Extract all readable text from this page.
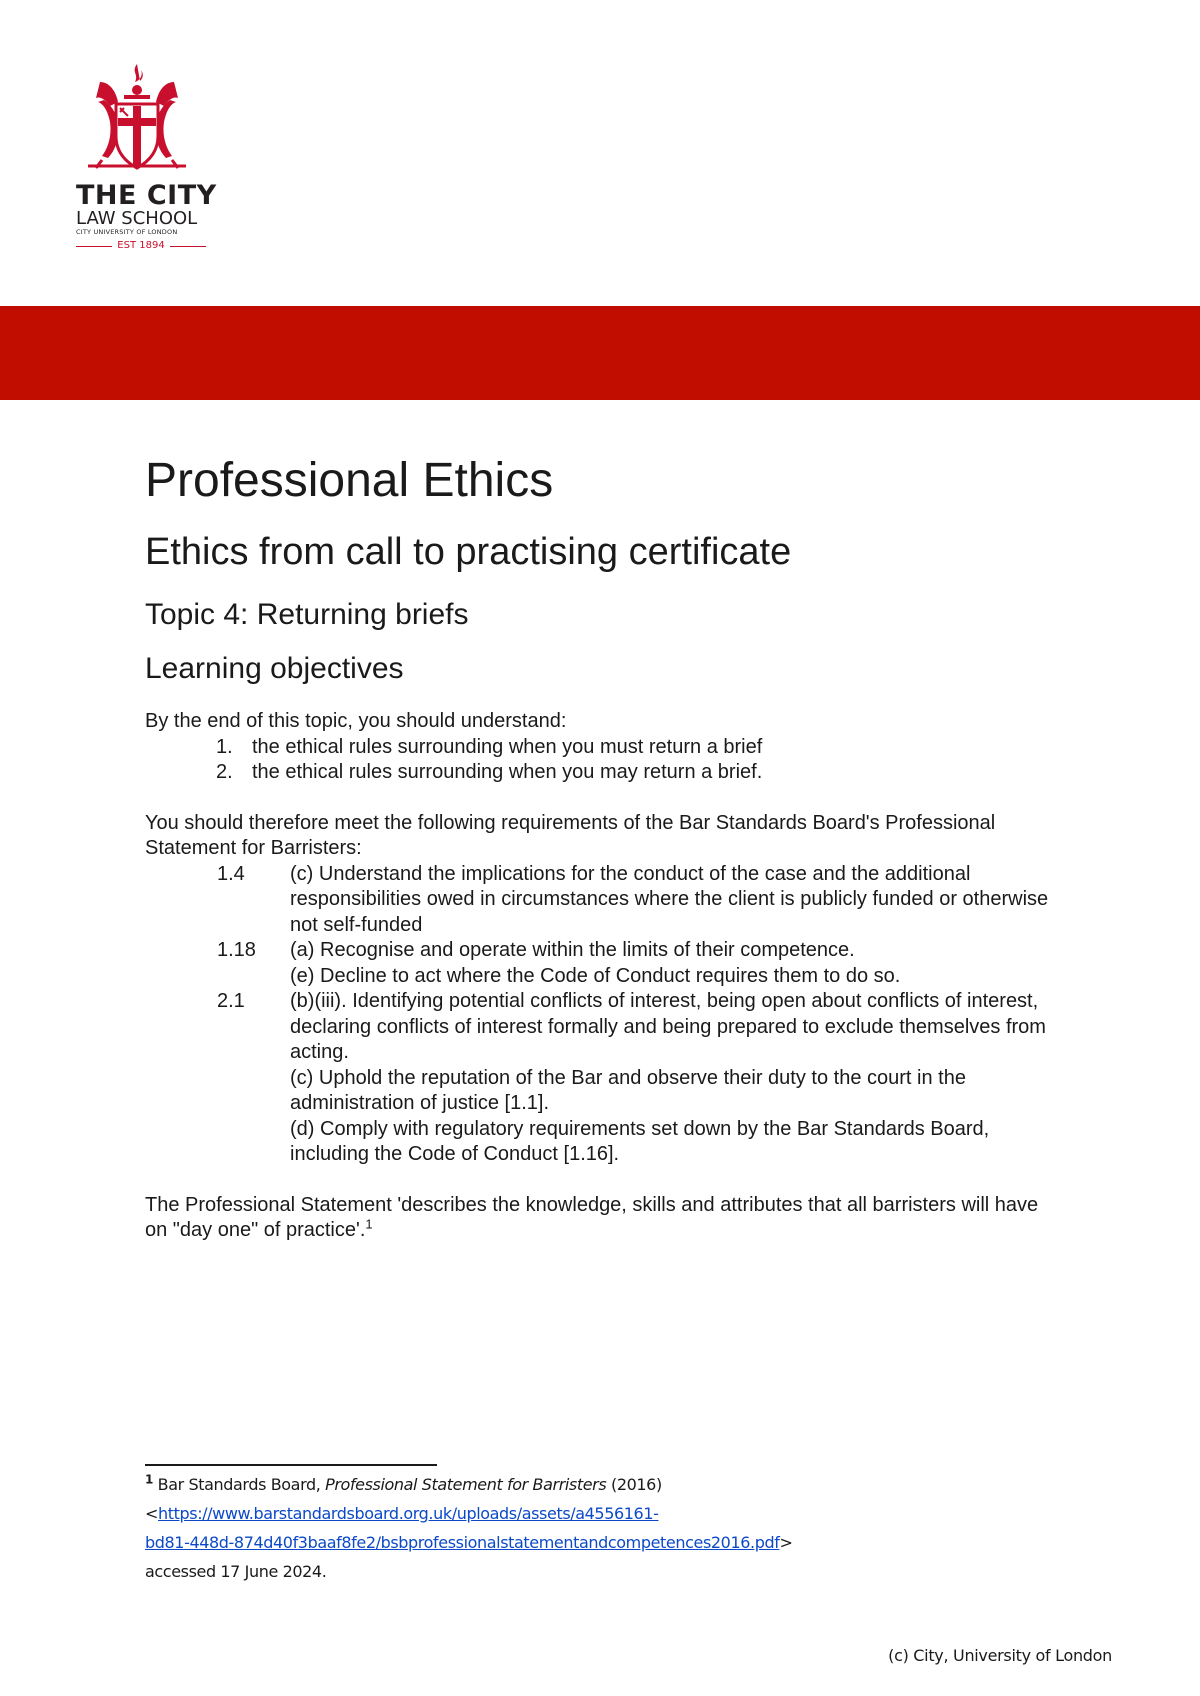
THE CITY
LAW SCHOOL
CITY UNIVERSITY OF LONDON
EST 1894
Professional Ethics
Ethics from call to practising certificate
Topic 4: Returning briefs
Learning objectives

By the end of this topic, you should understand:

1. the ethical rules surrounding when you must return a brief
2. the ethical rules surrounding when you may return a brief.

You should therefore meet the following requirements of the Bar Standards Board's Professional Statement for Barristers:

1.4	(c) Understand the implications for the conduct of the case and the additional responsibilities owed in circumstances where the client is publicly funded or otherwise not self-funded

1.18	(a) Recognise and operate within the limits of their competence.

(e) Decline to act where the Code of Conduct requires them to do so.

2.1	(b)(iii). Identifying potential conflicts of interest, being open about conflicts of interest, declaring conflicts of interest formally and being prepared to exclude themselves from acting.

(c) Uphold the reputation of the Bar and observe their duty to the court in the administration of justice [1.1].

(d) Comply with regulatory requirements set down by the Bar Standards Board, including the Code of Conduct [1.16].

The Professional Statement 'describes the knowledge, skills and attributes that all barristers will have on "day one" of practice'.$^1$

$^1$ Bar Standards Board, Professional Statement for Barristers (2016)

<https://www.barstandardsboard.org.uk/uploads/assets/a4556161-

bd81-448d-874d40f3baaf8fe2/bsbprofessionalstatementandcompetences2016.pdf>

accessed 17 June 2024.

(c) City, University of London
